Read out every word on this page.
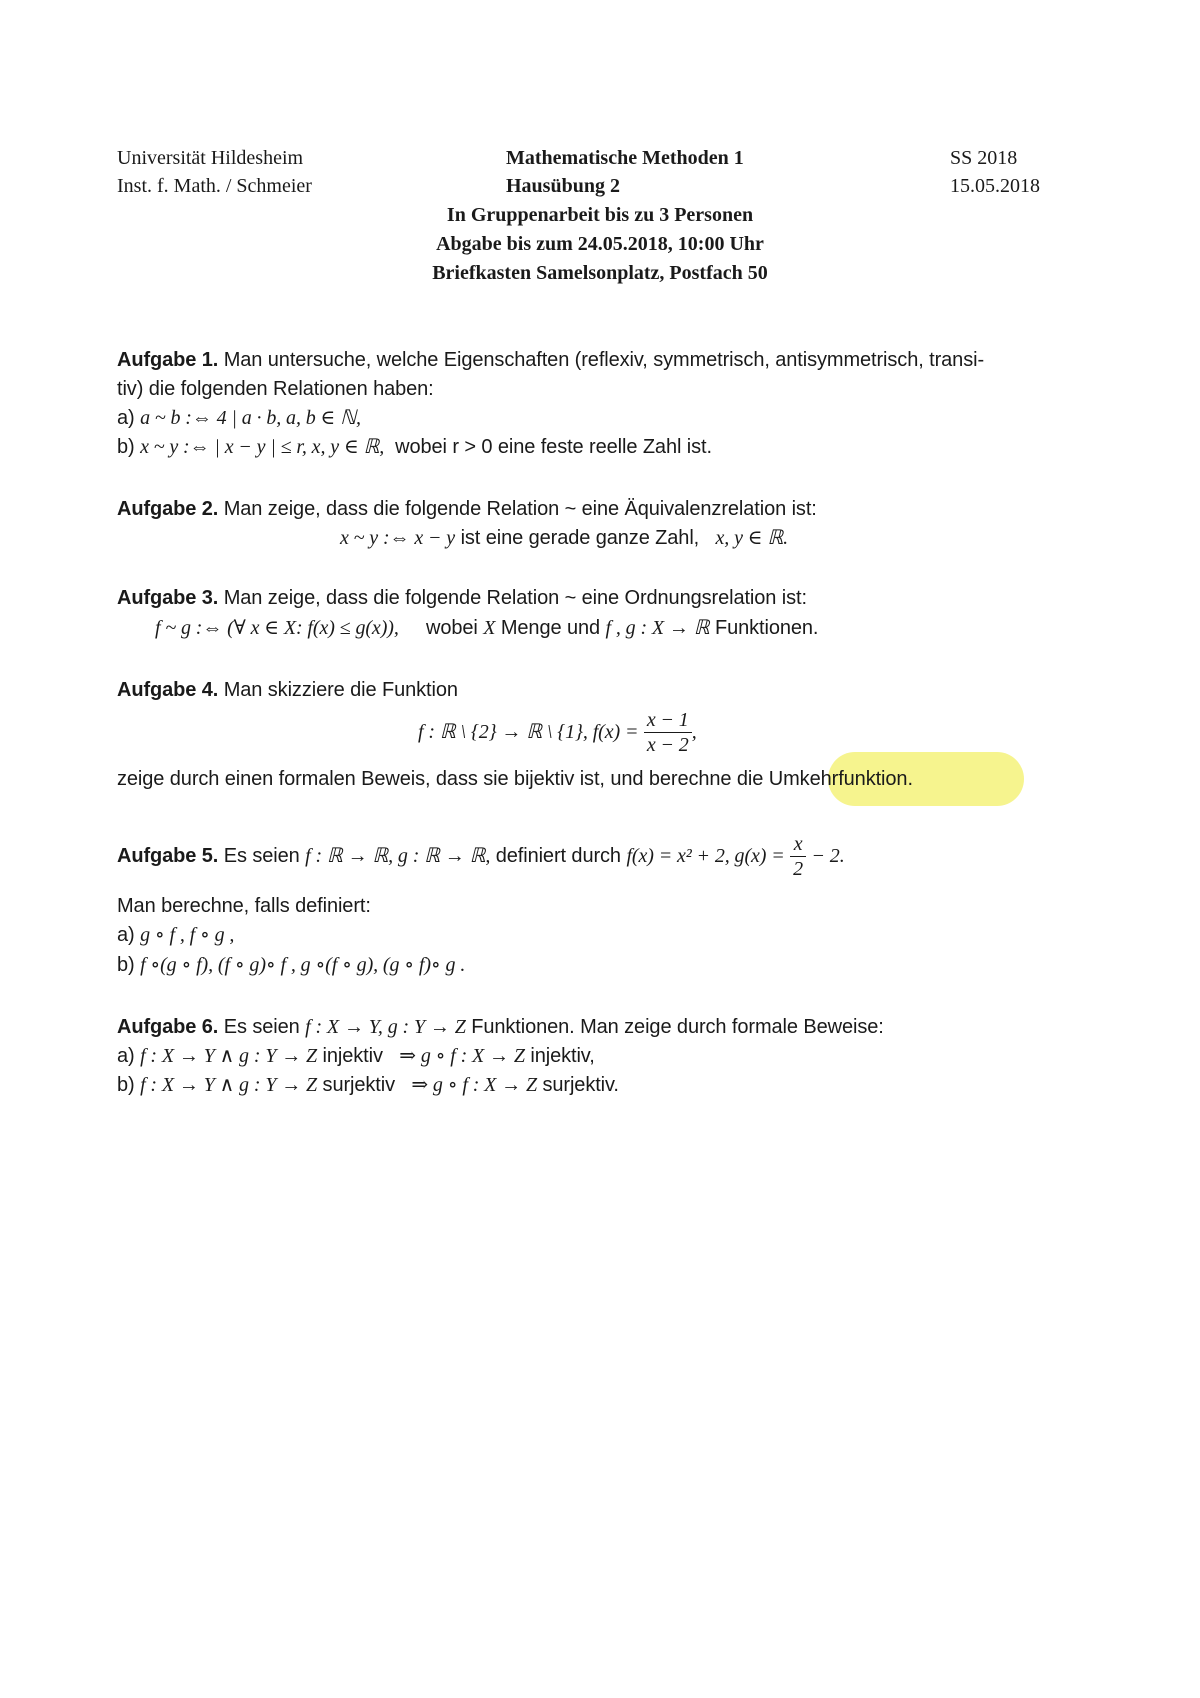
Universität Hildesheim
Inst. f. Math. / Schmeier
Mathematische Methoden 1
Hausübung 2
SS 2018
15.05.2018
In Gruppenarbeit bis zu 3 Personen
Abgabe bis zum 24.05.2018, 10:00 Uhr
Briefkasten Samelsonplatz, Postfach 50
Aufgabe 1. Man untersuche, welche Eigenschaften (reflexiv, symmetrisch, antisymmetrisch, transi-
tiv) die folgenden Relationen haben:
a) a ~ b :⇔ 4 | a · b, a, b ∈ ℕ,
b) x ~ y :⇔ | x − y | ≤ r, x, y ∈ ℝ, wobei r > 0 eine feste reelle Zahl ist.
Aufgabe 2. Man zeige, dass die folgende Relation ~ eine Äquivalenzrelation ist:
x ~ y :⇔ x − y ist eine gerade ganze Zahl, x, y ∈ ℝ.
Aufgabe 3. Man zeige, dass die folgende Relation ~ eine Ordnungsrelation ist:
f ~ g :⇔ (∀ x ∈ X: f(x) ≤ g(x)), wobei X Menge und f , g : X → ℝ Funktionen.
Aufgabe 4. Man skizziere die Funktion
f : ℝ \ {2} → ℝ \ {1}, $f(x) = \frac{x - 1}{x - 2}$ ,
zeige durch einen formalen Beweis, dass sie bijektiv ist, und berechne die Umkehrfunktion.
Aufgabe 5. Es seien f : ℝ → ℝ, g : ℝ → ℝ, definiert durch f(x) = x² + 2, $g(x) = \frac{x}{2} - 2$.
Man berechne, falls definiert:
a) g ∘ f , f ∘ g ,
b) f ∘(g ∘ f), (f ∘ g)∘ f , g ∘(f ∘ g), (g ∘ f)∘ g .
Aufgabe 6. Es seien f : X → Y, g : Y → Z Funktionen. Man zeige durch formale Beweise:
a) f : X → Y ∧ g : Y → Z injektiv ⇒ g ∘ f : X → Z injektiv,
b) f : X → Y ∧ g : Y → Z surjektiv ⇒ g ∘ f : X → Z surjektiv.
